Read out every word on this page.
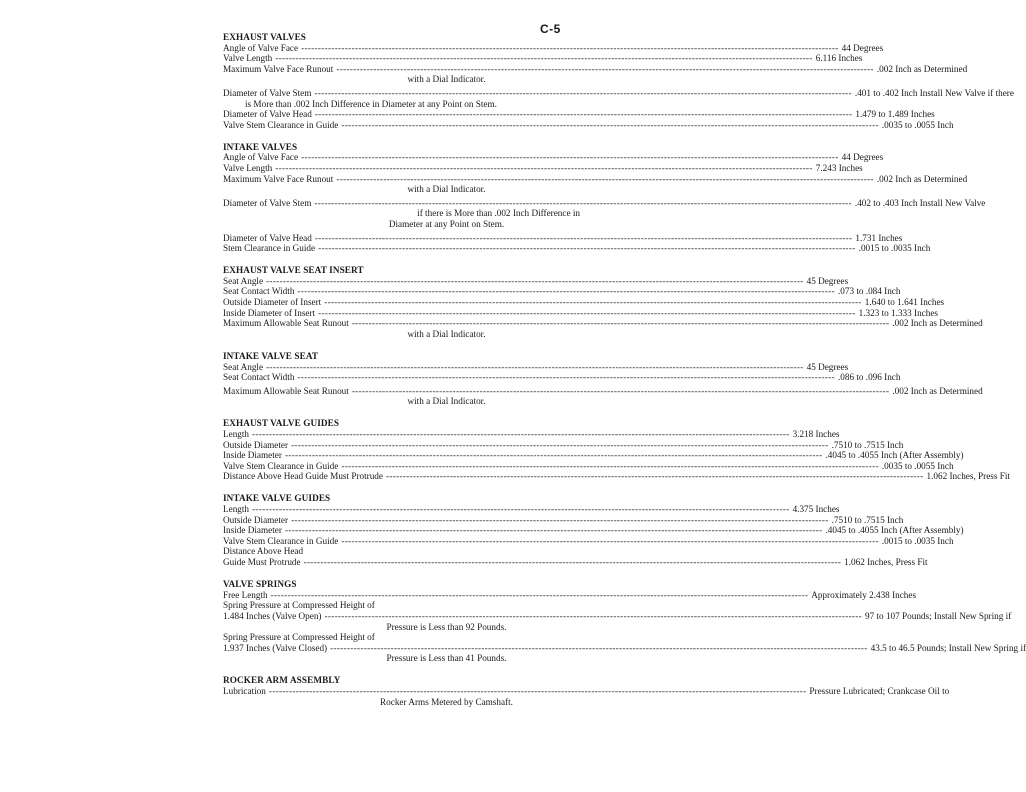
C-5
EXHAUST VALVES
Angle of Valve Face ---------------------------------------------------------------------------------------------------------------------------------------------------------------- 44 Degrees
Valve Length ---------------------------------------------------------------------------------------------------------------------------------------------------------------- 6.116 Inches
Maximum Valve Face Runout ---------------------------------------------------------------------------------------------------------------------------------------------------------------- .002 Inch as Determined
with a Dial Indicator.
Diameter of Valve Stem ---------------------------------------------------------------------------------------------------------------------------------------------------------------- .401 to .402 Inch Install New Valve if there
is More than .002 Inch Difference in Diameter at any Point on Stem.
Diameter of Valve Head ---------------------------------------------------------------------------------------------------------------------------------------------------------------- 1.479 to 1.489 Inches
Valve Stem Clearance in Guide ---------------------------------------------------------------------------------------------------------------------------------------------------------------- .0035 to .0055 Inch
INTAKE VALVES
Angle of Valve Face ---------------------------------------------------------------------------------------------------------------------------------------------------------------- 44 Degrees
Valve Length ---------------------------------------------------------------------------------------------------------------------------------------------------------------- 7.243 Inches
Maximum Valve Face Runout ---------------------------------------------------------------------------------------------------------------------------------------------------------------- .002 Inch as Determined
with a Dial Indicator.
Diameter of Valve Stem ---------------------------------------------------------------------------------------------------------------------------------------------------------------- .402 to .403 Inch Install New Valve
if there is More than .002 Inch Difference in
Diameter at any Point on Stem.
Diameter of Valve Head ---------------------------------------------------------------------------------------------------------------------------------------------------------------- 1.731 Inches
Stem Clearance in Guide ---------------------------------------------------------------------------------------------------------------------------------------------------------------- .0015 to .0035 Inch
EXHAUST VALVE SEAT INSERT
Seat Angle ---------------------------------------------------------------------------------------------------------------------------------------------------------------- 45 Degrees
Seat Contact Width ---------------------------------------------------------------------------------------------------------------------------------------------------------------- .073 to .084 Inch
Outside Diameter of Insert ---------------------------------------------------------------------------------------------------------------------------------------------------------------- 1.640 to 1.641 Inches
Inside Diameter of Insert ---------------------------------------------------------------------------------------------------------------------------------------------------------------- 1.323 to 1.333 Inches
Maximum Allowable Seat Runout ---------------------------------------------------------------------------------------------------------------------------------------------------------------- .002 Inch as Determined
with a Dial Indicator.
INTAKE VALVE SEAT
Seat Angle ---------------------------------------------------------------------------------------------------------------------------------------------------------------- 45 Degrees
Seat Contact Width ---------------------------------------------------------------------------------------------------------------------------------------------------------------- .086 to .096 Inch
Maximum Allowable Seat Runout ---------------------------------------------------------------------------------------------------------------------------------------------------------------- .002 Inch as Determined
with a Dial Indicator.
EXHAUST VALVE GUIDES
Length ---------------------------------------------------------------------------------------------------------------------------------------------------------------- 3.218 Inches
Outside Diameter ---------------------------------------------------------------------------------------------------------------------------------------------------------------- .7510 to .7515 Inch
Inside Diameter ---------------------------------------------------------------------------------------------------------------------------------------------------------------- .4045 to .4055 Inch (After Assembly)
Valve Stem Clearance in Guide ---------------------------------------------------------------------------------------------------------------------------------------------------------------- .0035 to .0055 Inch
Distance Above Head Guide Must Protrude ---------------------------------------------------------------------------------------------------------------------------------------------------------------- 1.062 Inches, Press Fit
INTAKE VALVE GUIDES
Length ---------------------------------------------------------------------------------------------------------------------------------------------------------------- 4.375 Inches
Outside Diameter ---------------------------------------------------------------------------------------------------------------------------------------------------------------- .7510 to .7515 Inch
Inside Diameter ---------------------------------------------------------------------------------------------------------------------------------------------------------------- .4045 to .4055 Inch (After Assembly)
Valve Stem Clearance in Guide ---------------------------------------------------------------------------------------------------------------------------------------------------------------- .0015 to .0035 Inch
Distance Above Head
Guide Must Protrude ---------------------------------------------------------------------------------------------------------------------------------------------------------------- 1.062 Inches, Press Fit
VALVE SPRINGS
Free Length ---------------------------------------------------------------------------------------------------------------------------------------------------------------- Approximately 2.438 Inches
Spring Pressure at Compressed Height of
1.484 Inches (Valve Open) ---------------------------------------------------------------------------------------------------------------------------------------------------------------- 97 to 107 Pounds; Install New Spring if
Pressure is Less than 92 Pounds.
Spring Pressure at Compressed Height of
1.937 Inches (Valve Closed) ---------------------------------------------------------------------------------------------------------------------------------------------------------------- 43.5 to 46.5 Pounds; Install New Spring if
Pressure is Less than 41 Pounds.
ROCKER ARM ASSEMBLY
Lubrication ---------------------------------------------------------------------------------------------------------------------------------------------------------------- Pressure Lubricated; Crankcase Oil to
Rocker Arms Metered by Camshaft.
